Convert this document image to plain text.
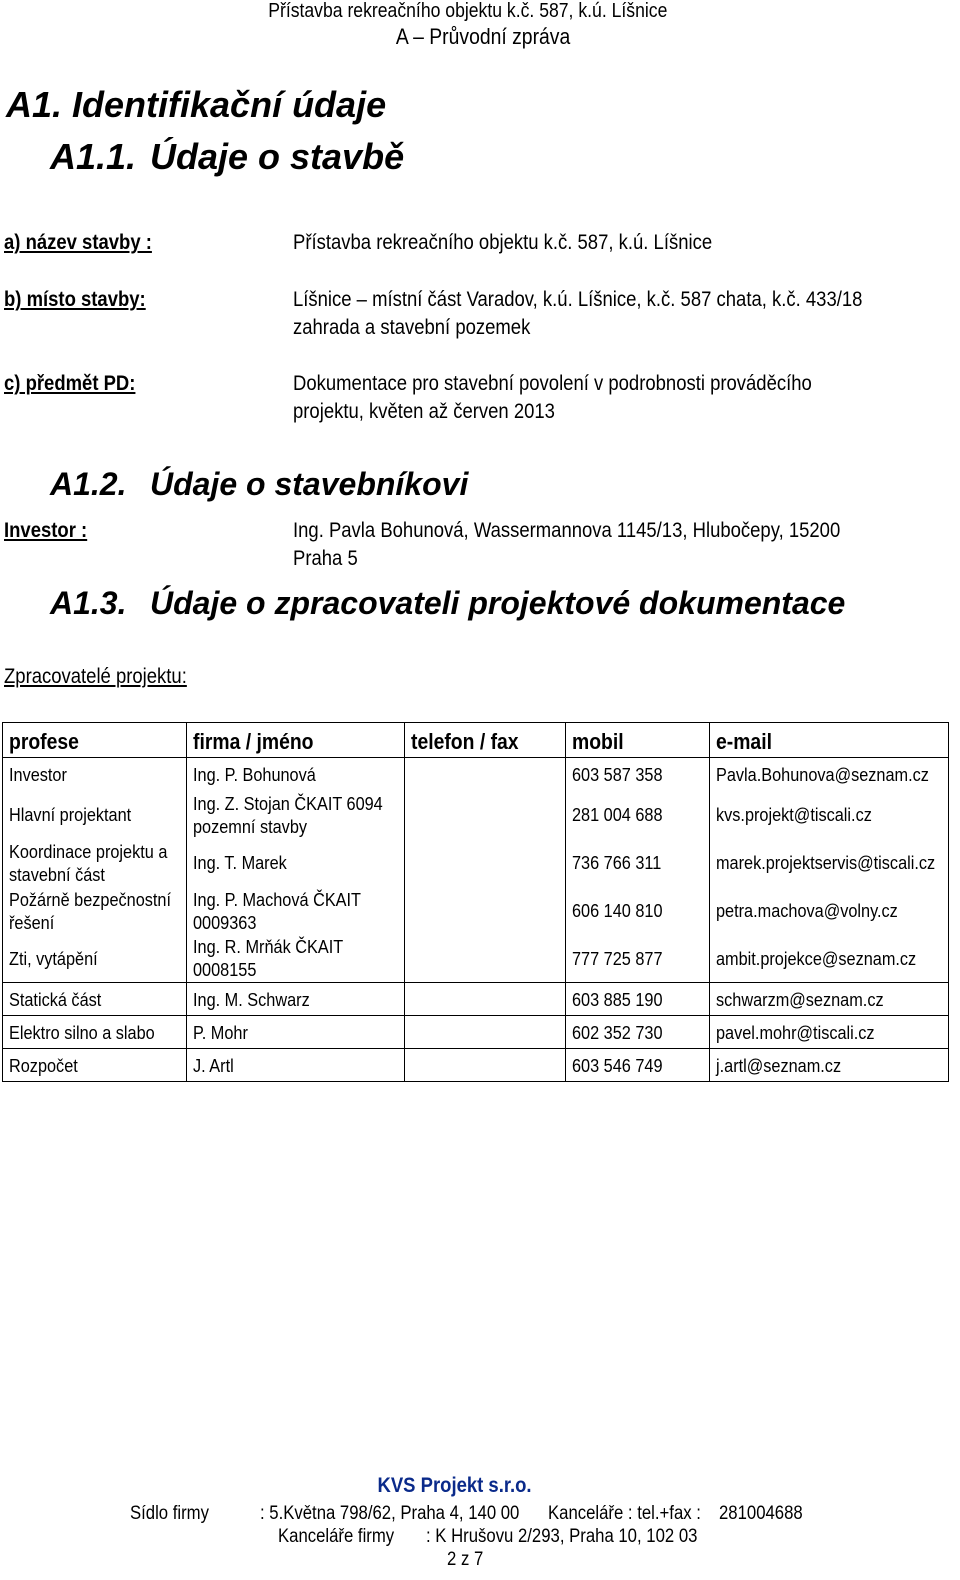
Přístavba rekreačního objektu k.č. 587, k.ú. Líšnice
A – Průvodní zpráva
A1. Identifikační údaje
A1.1. Údaje o stavbě
a) název stavby :	Přístavba rekreačního objektu k.č. 587, k.ú. Líšnice
b) místo stavby:	Líšnice – místní část Varadov, k.ú. Líšnice, k.č. 587 chata, k.č. 433/18
zahrada a stavební pozemek
c) předmět PD:	Dokumentace pro stavební povolení v podrobnosti prováděcího
projektu, květen až červen 2013
A1.2. Údaje o stavebníkovi
Investor :	Ing. Pavla Bohunová, Wassermannova 1145/13, Hlubočepy, 15200
Praha 5
A1.3. Údaje o zpracovateli projektové dokumentace
Zpracovatelé projektu:
profese	firma / jméno	telefon / fax	mobil	e-mail
Investor	Ing. P. Bohunová		603 587 358	Pavla.Bohunova@seznam.cz
Hlavní projektant	Ing. Z. Stojan ČKAIT 6094
pozemní stavby		281 004 688	kvs.projekt@tiscali.cz
Koordinace projektu a
stavební část	Ing. T. Marek		736 766 311	marek.projektservis@tiscali.cz
Požárně bezpečnostní
řešení	Ing. P. Machová ČKAIT
0009363		606 140 810	petra.machova@volny.cz
Zti, vytápění	Ing. R. Mrňák ČKAIT
0008155		777 725 877	ambit.projekce@seznam.cz
Statická část	Ing. M. Schwarz		603 885 190	schwarzm@seznam.cz
Elektro silno a slabo	P. Mohr		602 352 730	pavel.mohr@tiscali.cz
Rozpočet	J. Artl		603 546 749	j.artl@seznam.cz
KVS Projekt s.r.o.
Sídlo firmy	: 5.Května 798/62, Praha 4, 140 00 Kanceláře : tel.+fax : 281004688
Kanceláře firmy : K Hrušovu 2/293, Praha 10, 102 03
2 z 7
